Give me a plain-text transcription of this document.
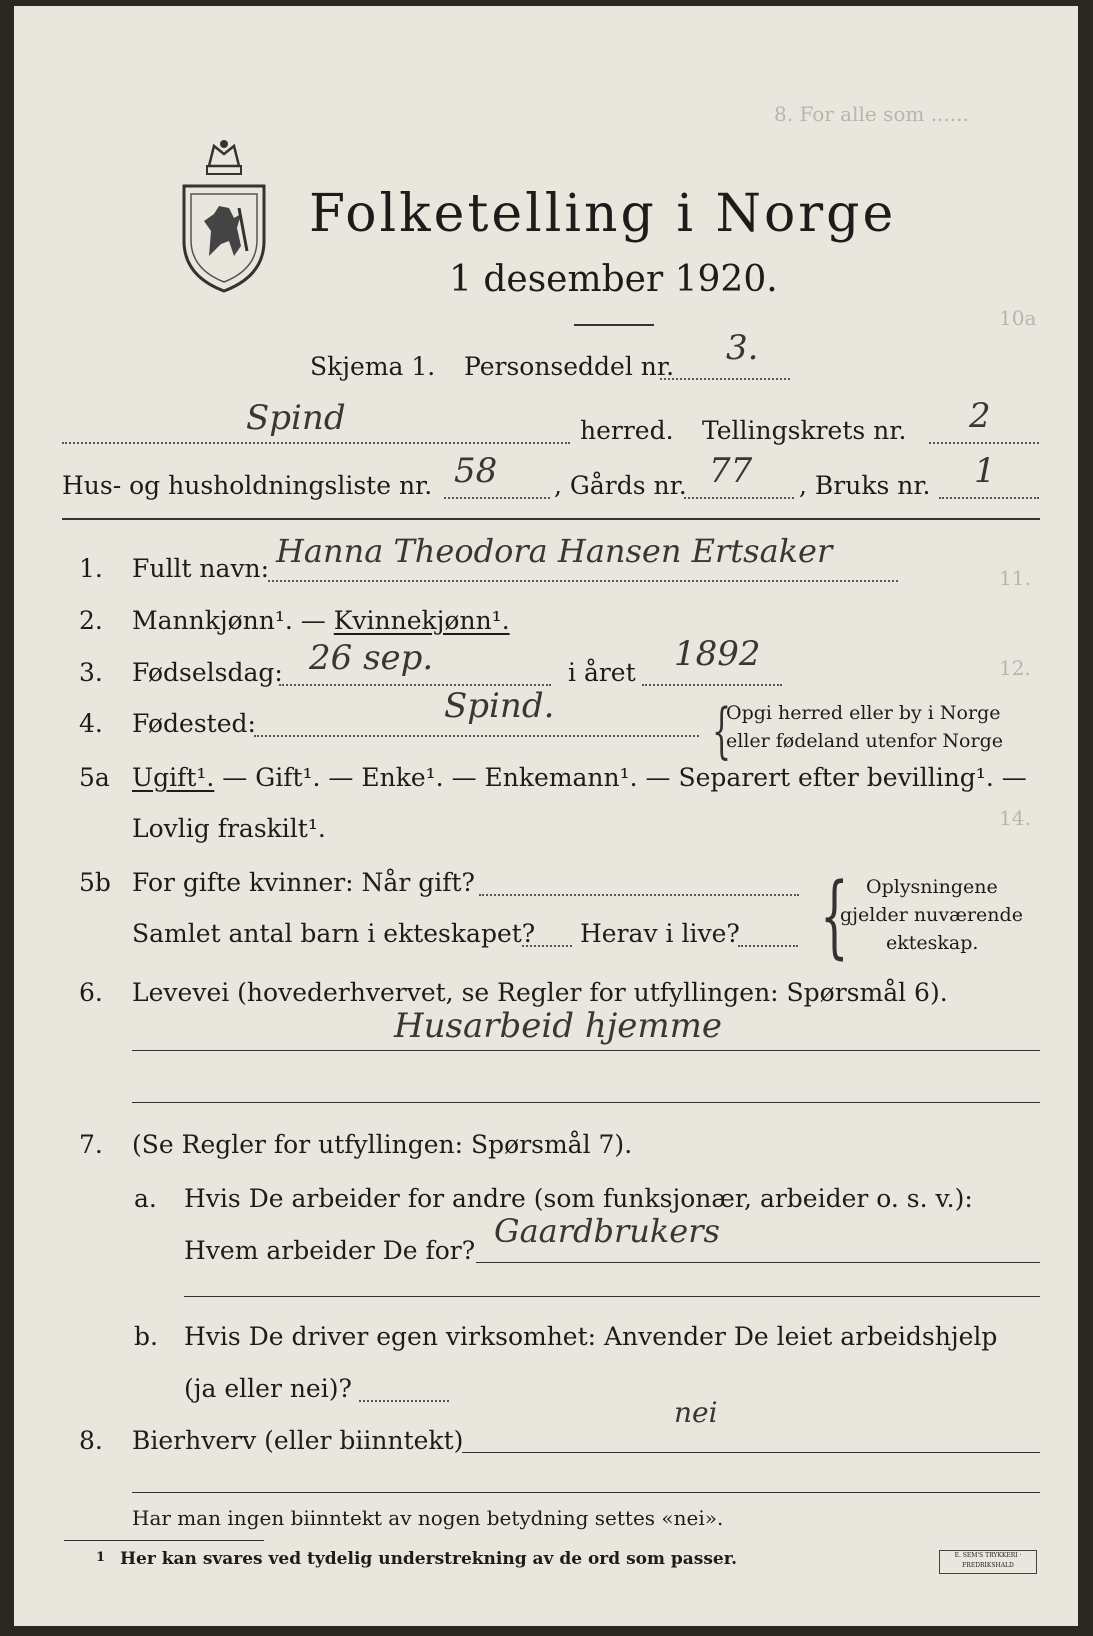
8. For alle som ......
10a
11.
12.
14.
Folketelling i Norge
1 desember 1920.
Skjema 1. Personseddel nr. 3.
Spind	herred. Tellingskrets nr. 2
Hus- og husholdningsliste nr. 58 , Gårds nr. 77 , Bruks nr. 1
1. Fullt navn: Hanna Theodora Hansen Ertsaker
2. Mannkjønn¹. — Kvinnekjønn¹.
3. Fødselsdag: 26 sep.	i året 1892
4. Fødested:	Spind.	{
Opgi herred eller by i Norge
eller fødeland utenfor Norge
5a Ugift¹. — Gift¹. — Enke¹. — Enkemann¹. — Separert efter bevilling¹. —
Lovlig fraskilt¹.
5b For gifte kvinner: Når gift?
Samlet antal barn i ekteskapet? Herav i live? { Oplysningene
gjelder nuværende
ekteskap.
6. Levevei (hovederhvervet, se Regler for utfyllingen: Spørsmål 6).
Husarbeid hjemme
7. (Se Regler for utfyllingen: Spørsmål 7).
a. Hvis De arbeider for andre (som funksjonær, arbeider o. s. v.):
Hvem arbeider De for?
Gaardbrukers
b. Hvis De driver egen virksomhet: Anvender De leiet arbeidshjelp
(ja eller nei)?
8. Bierhverv (eller biinntekt)
nei
Har man ingen biinntekt av nogen betydning settes «nei».
1 Her kan svares ved tydelig understrekning av de ord som passer.	E. SEM'S TRYKKERI · FREDRIKSHALD
